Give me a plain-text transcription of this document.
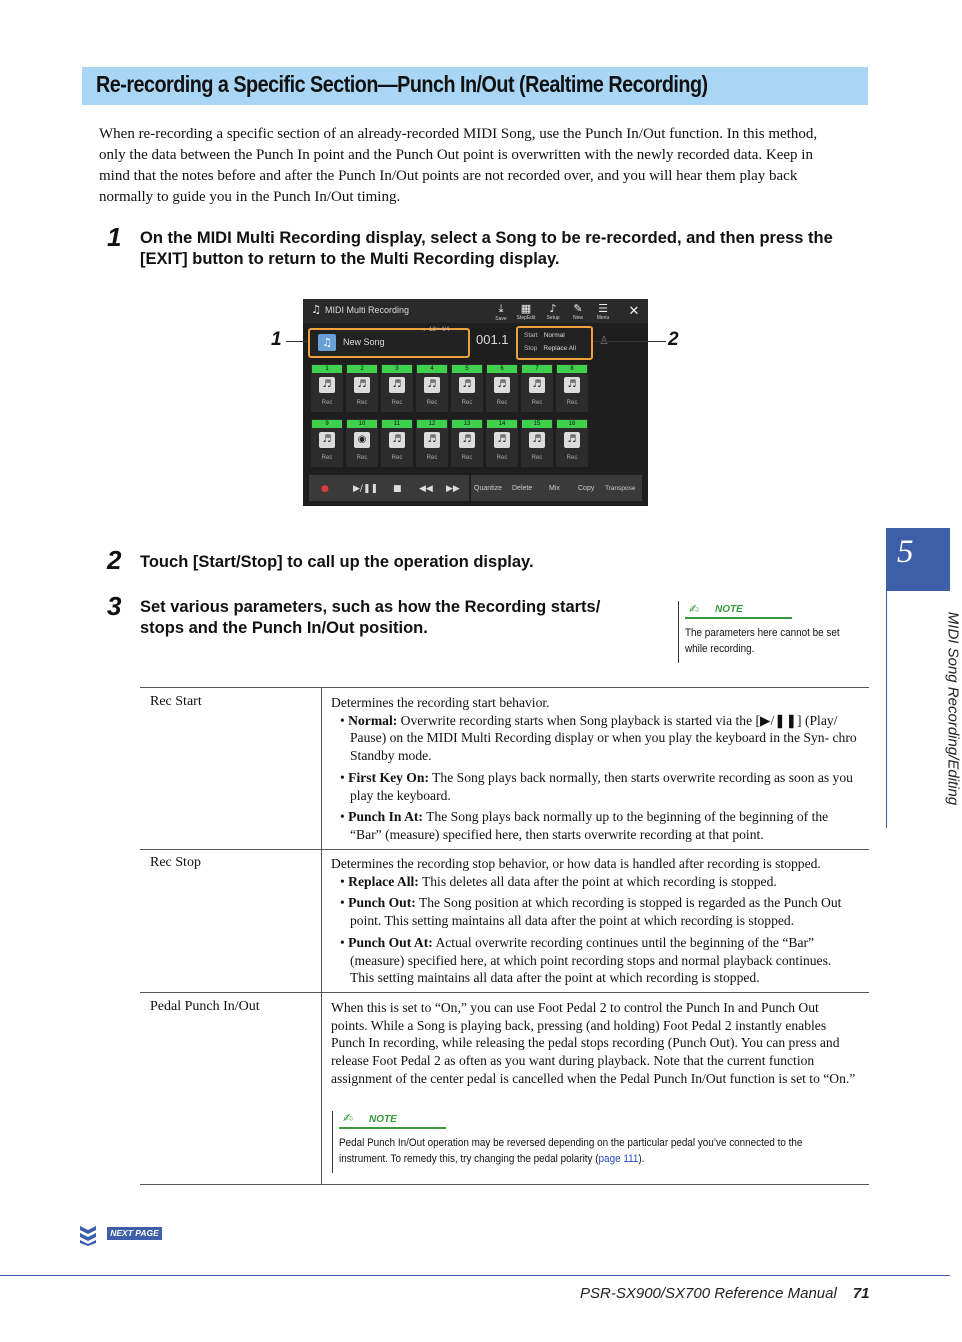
Re-recording a Specific Section—Punch In/Out (Realtime Recording)
When re-recording a specific section of an already-recorded MIDI Song, use the Punch In/Out function. In this method, only the data between the Punch In point and the Punch Out point is overwritten with the newly recorded data. Keep in mind that the notes before and after the Punch In/Out points are not recorded over, and you will hear them play back normally to guide you in the Punch In/Out timing.
1 On the MIDI Multi Recording display, select a Song to be re-recorded, and then press the [EXIT] button to return to the Multi Recording display.
♫ MIDI Multi Recording	⤓
Save
▦
StepEdit
♪
Setup
✎
New
☰
Menu	✕
♫	New Song
♩12× 4/4
001.1 Start Normal
Stop Replace All
1
♬
Rec
2
♬
Rec
3
♬
Rec
4
♬
Rec
5
♬
Rec
6
♬
Rec
7
♬
Rec
8
♬
Rec
9
♬
Rec
10
◉
Rec
11
♬
Rec
12
♬
Rec
13
♬
Rec
14
♬
Rec
15
♬
Rec
16
♬
Rec
●	▶/❚❚ ■ ◀◀ ▶▶ Quantize Delete Mix	Copy Transpose
1	2
2 Touch [Start/Stop] to call up the operation display.
3 Set various parameters, such as how the Recording starts/ stops and the Punch In/Out position.
✍ NOTE
The parameters here cannot be set while recording.
Rec Start	Determines the recording start behavior.

• Normal: Overwrite recording starts when Song playback is started via the [▶/❚❚] (Play/ Pause) on the MIDI Multi Recording display or when you play the keyboard in the Syn- chro Standby mode.

• First Key On: The Song plays back normally, then starts overwrite recording as soon as you play the keyboard.

• Punch In At: The Song plays back normally up to the beginning of the beginning of the “Bar” (measure) specified here, then starts overwrite recording at that point.

Rec Stop	Determines the recording stop behavior, or how data is handled after recording is stopped.

• Replace All: This deletes all data after the point at which recording is stopped.

• Punch Out: The Song position at which recording is stopped is regarded as the Punch Out point. This setting maintains all data after the point at which recording is stopped.

• Punch Out At: Actual overwrite recording continues until the beginning of the “Bar” (measure) specified here, at which point recording stops and normal playback continues. This setting maintains all data after the point at which recording is stopped.

Pedal Punch In/Out	When this is set to “On,” you can use Foot Pedal 2 to control the Punch In and Punch Out points. While a Song is playing back, pressing (and holding) Foot Pedal 2 instantly enables Punch In recording, while releasing the pedal stops recording (Punch Out). You can press and release Foot Pedal 2 as often as you want during playback. Note that the current function assignment of the center pedal is cancelled when the Pedal Punch In/Out function is set to “On.”
✍ NOTE
Pedal Punch In/Out operation may be reversed depending on the particular pedal you’ve connected to the instrument. To remedy this, try changing the pedal polarity (page 111).
5
MIDI Song Recording/Editing
NEXT PAGE
PSR-SX900/SX700 Reference Manual 71
